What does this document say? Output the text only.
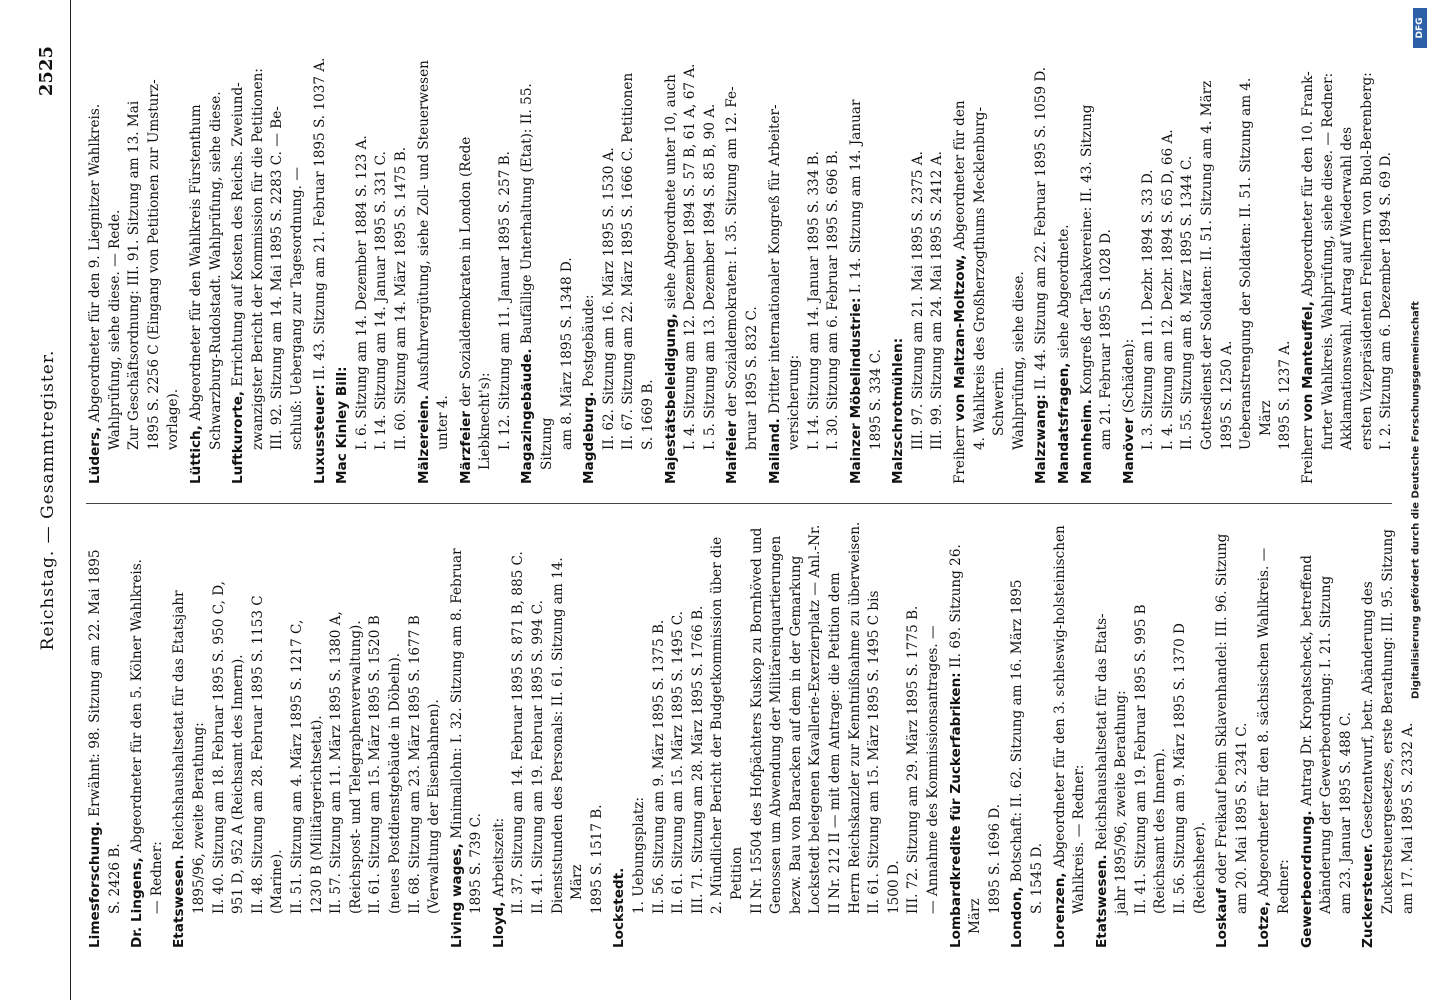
Reichstag. — Gesammtregister.
2525
Limesforschung. Erwähnt: 98. Sitzung am 22. Mai 1895
S. 2426 B. Dr. Lingens, Abgeordneter für den 5. Kölner Wahlkreis.
— Redner: Etatswesen. Reichshaushaltsetat für das Etatsjahr 1895/96, zweite Berathung: II. 40. Sitzung am 18. Februar 1895 S. 950 C, D, 951 D, 952 A (Reichsamt des Innern). II. 48. Sitzung am 28. Februar 1895 S. 1153 C (Marine). II. 51. Sitzung am 4. März 1895 S. 1217 C, 1230 B (Militärgerichtsetat). II. 57. Sitzung am 11. März 1895 S. 1380 A, (Reichspost- und Telegraphenverwaltung). II. 61. Sitzung am 15. März 1895 S. 1520 B (neues Postdienstgebäude in Döbeln). II. 68. Sitzung am 23. März 1895 S. 1677 B (Verwaltung der Eisenbahnen). Living wages, Minimallohn: I. 32. Sitzung am 8. Februar
1895 S. 739 C.
Lloyd, Arbeitszeit: II. 37. Sitzung am 14. Februar 1895 S. 871 B, 885 C. II. 41. Sitzung am 19. Februar 1895 S. 994 C. Dienststunden des Personals: II. 61. Sitzung am 14. März 1895 S. 1517 B. Lockstedt. 1. Uebungsplatz: II. 56. Sitzung am 9. März 1895 S. 1375 B. II. 61. Sitzung am 15. März 1895 S. 1495 C. III. 71. Sitzung am 28. März 1895 S. 1766 B. 2. Mündlicher Bericht der Budgetkommission über die Petition II Nr. 15504 des Hofpächters Kuskop zu Bornhöved und Genossen um Abwendung der Militäreinquartierungen bezw. Bau von Baracken auf dem in der Gemarkung Lockstedt belegenen Kavallerie-Exerzierplatz — Anl.-Nr. II Nr. 212 II — mit dem Antrage: die Petition dem Herrn Reichskanzler zur Kenntnißnahme zu überweisen. II. 61. Sitzung am 15. März 1895 S. 1495 C bis 1500 D. III. 72. Sitzung am 29. März 1895 S. 1775 B. — Annahme des Kommissionsantrages. — Lombardkredite für Zuckerfabriken: II. 69. Sitzung 26. März
1895 S. 1696 D.
London, Botschaft: II. 62. Sitzung am 16. März 1895 S. 1545 D. Lorenzen, Abgeordneter für den 3. schleswig-holsteinischen Wahlkreis. — Redner: Etatswesen. Reichshaushaltsetat für das Etats- jahr 1895/96, zweite Berathung: II. 41. Sitzung am 19. Februar 1895 S. 995 B (Reichsamt des Innern). II. 56. Sitzung am 9. März 1895 S. 1370 D (Reichsheer).
Loskauf oder Freikauf beim Sklavenhandel: III. 96. Sitzung am 20. Mai 1895 S. 2341 C.
Lotze, Abgeordneter für den 8. sächsischen Wahlkreis. — Redner: Gewerbeordnung. Antrag Dr. Kropatscheck, betreffend Abänderung der Gewerbeordnung: I. 21. Sitzung am 23. Januar 1895 S. 488 C. Zuckersteuer. Gesetzentwurf, betr. Abänderung des Zuckersteuergesetzes, erste Berathung: III. 95. Sitzung am 17. Mai 1895 S. 2332 A.
Lüders, Abgeordneter für den 9. Liegnitzer Wahlkreis. Wahlprüfung, siehe diese. — Rede. Zur Geschäftsordnung: III. 91. Sitzung am 13. Mai 1895 S. 2256 C (Eingang von Petitionen zur Umsturz- vorlage).
Lüttich, Abgeordneter für den Wahlkreis Fürstenthum Schwarzburg-Rudolstadt. Wahlprüfung, siehe diese. Luftkurorte, Errichtung auf Kosten des Reichs. Zweiund- zwanzigster Bericht der Kommission für die Petitionen: III. 92. Sitzung am 14. Mai 1895 S. 2283 C. — Be- schluß: Uebergang zur Tagesordnung. — Luxussteuer: II. 43. Sitzung am 21. Februar 1895 S. 1037 A.
Mac Kinley Bill: I. 6. Sitzung am 14. Dezember 1884 S. 123 A. I. 14. Sitzung am 14. Januar 1895 S. 331 C. II. 60. Sitzung am 14. März 1895 S. 1475 B. Mälzereien. Ausfuhrvergütung, siehe Zoll- und Steuerwesen
unter 4. Märzfeier der Sozialdemokraten in London (Rede Liebknecht's): I. 12. Sitzung am 11. Januar 1895 S. 257 B. Magazingebäude. Baufällige Unterhaltung (Etat): II. 55. Sitzung am 8. März 1895 S. 1348 D. Magdeburg. Postgebäude: II. 62. Sitzung am 16. März 1895 S. 1530 A. II. 67. Sitzung am 22. März 1895 S. 1666 C. Petitionen S. 1669 B. Majestätsbeleidigung, siehe Abgeordnete unter 10, auch I. 4. Sitzung am 12. Dezember 1894 S. 57 B, 61 A, 67 A. I. 5. Sitzung am 13. Dezember 1894 S. 85 B, 90 A.
Maifeier der Sozialdemokraten: I. 35. Sitzung am 12. Fe- bruar 1895 S. 832 C.
Mailand. Dritter internationaler Kongreß für Arbeiter- versicherung: I. 14. Sitzung am 14. Januar 1895 S. 334 B. I. 30. Sitzung am 6. Februar 1895 S. 696 B. Mainzer Möbelindustrie: I. 14. Sitzung am 14. Januar
1895 S. 334 C. Malzschrotmühlen: III. 97. Sitzung am 21. Mai 1895 S. 2375 A. III. 99. Sitzung am 24. Mai 1895 S. 2412 A.
Freiherr von Maltzan-Moltzow, Abgeordneter für den 4. Wahlkreis des Großherzogthums Mecklenburg-Schwerin. Wahlprüfung, siehe diese. Malzzwang: II. 44. Sitzung am 22. Februar 1895 S. 1059 D.
Mandatsfragen, siehe Abgeordnete.
Mannheim. Kongreß der Tabakvereine: II. 43. Sitzung am 21. Februar 1895 S. 1028 D.
Manöver (Schäden): I. 3. Sitzung am 11. Dezbr. 1894 S. 33 D. I. 4. Sitzung am 12. Dezbr. 1894 S. 65 D, 66 A. II. 55. Sitzung am 8. März 1895 S. 1344 C. Gottesdienst der Soldaten: II. 51. Sitzung am 4. März 1895 S. 1250 A. Ueberanstrengung der Soldaten: II. 51. Sitzung am 4. März 1895 S. 1237 A.
Freiherr von Manteuffel, Abgeordneter für den 10. Frank- furter Wahlkreis. Wahlprüfung, siehe diese. — Redner: Akklamationswahl. Antrag auf Wiederwahl des ersten Vizepräsidenten Freiherrn von Buol-Berenberg: I. 2. Sitzung am 6. Dezember 1894 S. 69 D.
Digitalisierung gefördert durch die Deutsche Forschungsgemeinschaft
DFG
